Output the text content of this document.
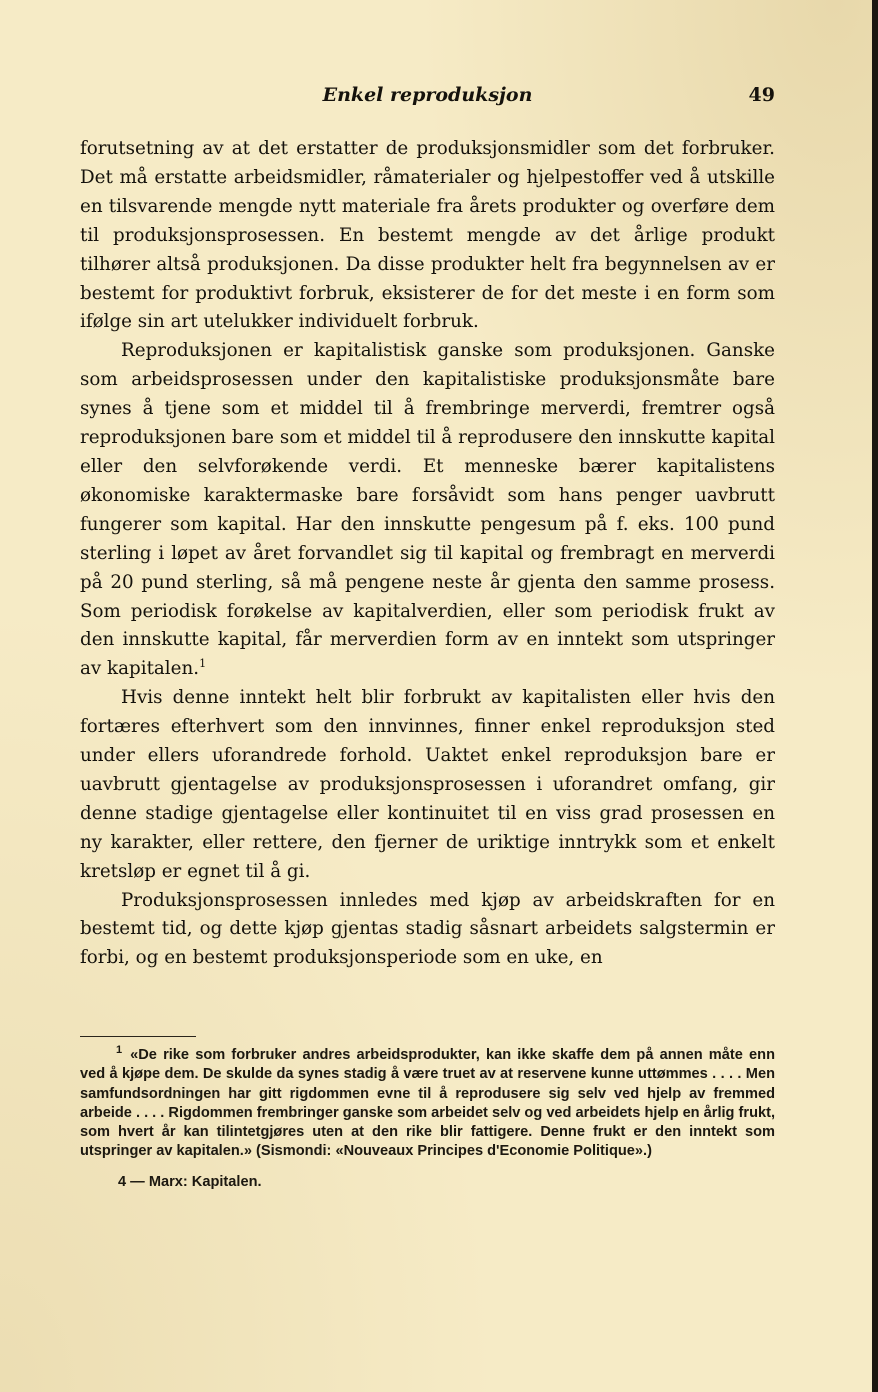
Enkel reproduksjon	49

forutsetning av at det erstatter de produksjonsmidler som det forbruker. Det må erstatte arbeidsmidler, råmaterialer og hjelpestoffer ved å utskille en tilsvarende mengde nytt materiale fra årets produkter og overføre dem til produksjonsprosessen. En bestemt mengde av det årlige produkt tilhører altså produksjonen. Da disse produkter helt fra begynnelsen av er bestemt for produktivt forbruk, eksisterer de for det meste i en form som ifølge sin art utelukker individuelt forbruk.

Reproduksjonen er kapitalistisk ganske som produksjonen. Ganske som arbeidsprosessen under den kapitalistiske produksjonsmåte bare synes å tjene som et middel til å frembringe merverdi, fremtrer også reproduksjonen bare som et middel til å reprodusere den innskutte kapital eller den selvforøkende verdi. Et menneske bærer kapitalistens økonomiske karaktermaske bare forsåvidt som hans penger uavbrutt fungerer som kapital. Har den innskutte pengesum på f. eks. 100 pund sterling i løpet av året forvandlet sig til kapital og frembragt en merverdi på 20 pund sterling, så må pengene neste år gjenta den samme prosess. Som periodisk forøkelse av kapitalverdien, eller som periodisk frukt av den innskutte kapital, får merverdien form av en inntekt som utspringer av kapitalen.$^1$

Hvis denne inntekt helt blir forbrukt av kapitalisten eller hvis den fortæres efterhvert som den innvinnes, finner enkel reproduksjon sted under ellers uforandrede forhold. Uaktet enkel reproduksjon bare er uavbrutt gjentagelse av produksjonsprosessen i uforandret omfang, gir denne stadige gjentagelse eller kontinuitet til en viss grad prosessen en ny karakter, eller rettere, den fjerner de uriktige inntrykk som et enkelt kretsløp er egnet til å gi.

Produksjonsprosessen innledes med kjøp av arbeidskraften for en bestemt tid, og dette kjøp gjentas stadig såsnart arbeidets salgstermin er forbi, og en bestemt produksjonsperiode som en uke, en

$^1$ «De rike som forbruker andres arbeidsprodukter, kan ikke skaffe dem på annen måte enn ved å kjøpe dem. De skulde da synes stadig å være truet av at reservene kunne uttømmes . . . . Men samfundsordningen har gitt rigdommen evne til å reprodusere sig selv ved hjelp av fremmed arbeide . . . . Rigdommen frembringer ganske som arbeidet selv og ved arbeidets hjelp en årlig frukt, som hvert år kan tilintetgjøres uten at den rike blir fattigere. Denne frukt er den inntekt som utspringer av kapitalen.» (Sismondi: «Nouveaux Principes d'Economie Politique».)

4 — Marx: Kapitalen.
